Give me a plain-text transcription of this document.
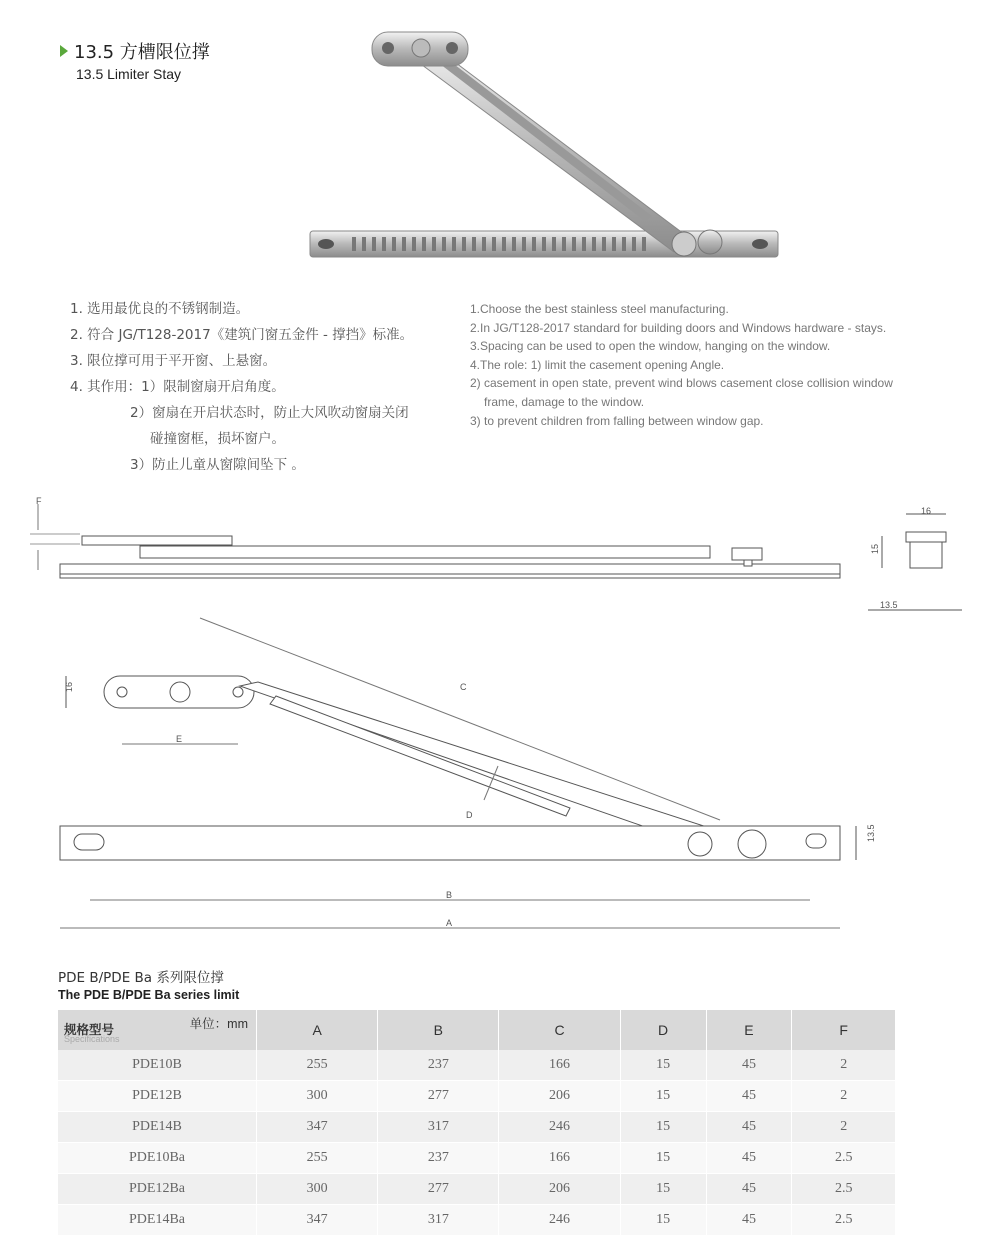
13.5 方槽限位撑
13.5 Limiter Stay
1. 选用最优良的不锈钢制造。
2. 符合 JG/T128-2017《建筑门窗五金件 - 撑挡》标准。
3. 限位撑可用于平开窗、上悬窗。
4. 其作用：1）限制窗扇开启角度。
2）窗扇在开启状态时，防止大风吹动窗扇关闭
碰撞窗框，损坏窗户。
3）防止儿童从窗隙间坠下 。
1.Choose the best stainless steel manufacturing.
2.In JG/T128-2017 standard for building doors and Windows hardware - stays.
3.Spacing can be used to open the window, hanging on the window.
4.The role: 1) limit the casement opening Angle.
2) casement in open state, prevent wind blows casement close collision window
frame, damage to the window.
3) to prevent children from falling between window gap.
F
16
15
13.5
16	C
E
D
13.5
B
A
PDE B/PDE Ba 系列限位撑
The PDE B/PDE Ba series limit
单位：mm
规格型号
Specifications	A	B	C	D	E	F
PDE10B	255	237	166	15	45	2
PDE12B	300	277	206	15	45	2
PDE14B	347	317	246	15	45	2
PDE10Ba	255	237	166	15	45	2.5
PDE12Ba	300	277	206	15	45	2.5
PDE14Ba	347	317	246	15	45	2.5
